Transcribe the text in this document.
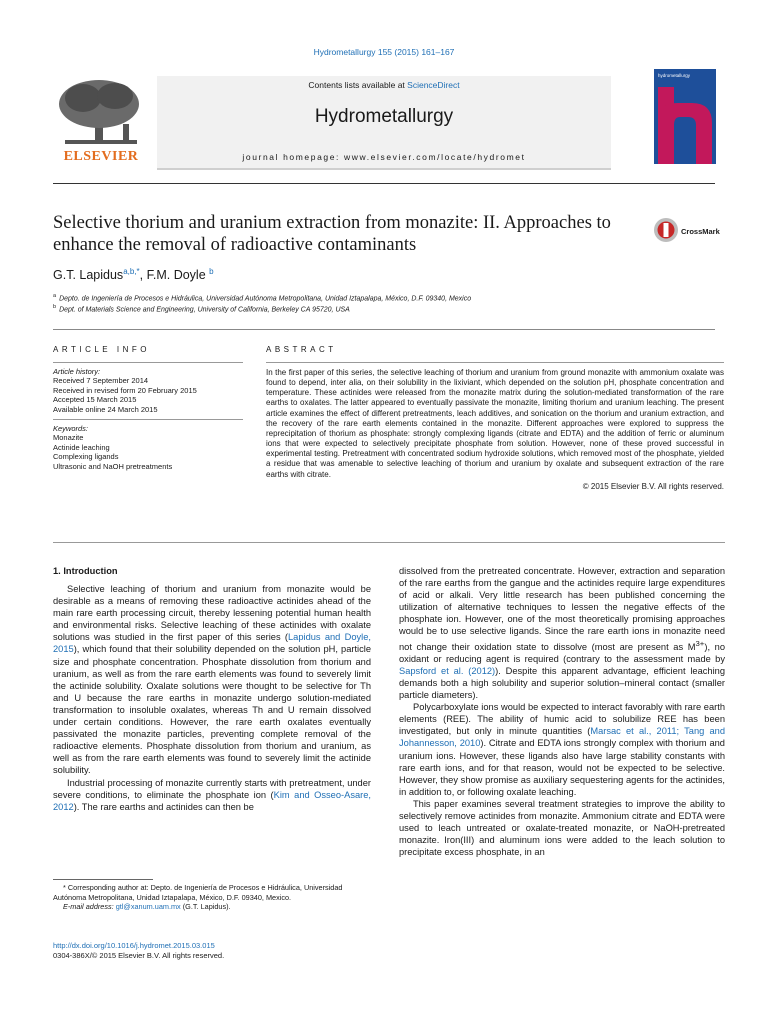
Hydrometallurgy 155 (2015) 161–167
ELSEVIER
Contents lists available at ScienceDirect
Hydrometallurgy
journal homepage: www.elsevier.com/locate/hydromet
hydrometallurgy
Selective thorium and uranium extraction from monazite: II. Approaches to enhance the removal of radioactive contaminants
CrossMark
G.T. Lapidus$^{a,b,*}$, F.M. Doyle $^b$
$^a$ Depto. de Ingeniería de Procesos e Hidráulica, Universidad Autónoma Metropolitana, Unidad Iztapalapa, México, D.F. 09340, Mexico
$^b$ Dept. of Materials Science and Engineering, University of California, Berkeley CA 95720, USA
ARTICLE INFO
Article history:
Received 7 September 2014
Received in revised form 20 February 2015
Accepted 15 March 2015
Available online 24 March 2015
Keywords:
Monazite
Actinide leaching
Complexing ligands
Ultrasonic and NaOH pretreatments
ABSTRACT
In the first paper of this series, the selective leaching of thorium and uranium from ground monazite with ammonium oxalate was found to depend, inter alia, on their solubility in the lixiviant, which depended on the solution pH, phosphate concentration and temperature. These actinides were released from the monazite matrix during the solution-mediated transformation of the rare earths to oxalates. The latter appeared to eventually passivate the monazite, limiting thorium and uranium leaching. The present article examines the effect of different pretreatments, leach additives, and sonication on the thorium and uranium extraction, and the recovery of the rare earth elements contained in the monazite. Different approaches were explored to suppress the reprecipitation of thorium as phosphate: strongly complexing ligands (citrate and EDTA) and the addition of ferric or aluminum ions that were expected to selectively precipitate phosphate from solution. However, none of these proved successful in experimental testing. Pretreatment with concentrated sodium hydroxide solutions, which removed most of the phosphate, yielded a residue that was amenable to selective leaching of thorium and uranium by oxalate and subsequent extraction of the rare earths with citrate.
© 2015 Elsevier B.V. All rights reserved.
1. Introduction

Selective leaching of thorium and uranium from monazite would be desirable as a means of removing these radioactive actinides ahead of the main rare earth processing circuit, thereby lessening potential human health and environmental risks. Selective leaching of these actinides with oxalate solutions was studied in the first paper of this series (Lapidus and Doyle, 2015), which found that their solubility depended on the solution pH, particle size and phosphate concentration. Phosphate dissolution from thorium and uranium, as well as from the rare earth elements was found to severely limit the actinide solubility. Oxalate solutions were thought to be selective for Th and U because the rare earths in monazite undergo solution-mediated transformation to insoluble oxalates, whereas Th and U remain dissolved under certain conditions. However, the rare earth oxalates eventually passivated the monazite particles, preventing complete removal of the radioactive elements. Phosphate dissolution from thorium and uranium, as well as from the rare earth elements was found to severely limit the actinide solubility.

Industrial processing of monazite currently starts with pretreatment, under severe conditions, to eliminate the phosphate ion (Kim and Osseo-Asare, 2012). The rare earths and actinides can then be

dissolved from the pretreated concentrate. However, extraction and separation of the rare earths from the gangue and the actinides require large expenditures of acid or alkali. Very little research has been published concerning the utilization of alternative techniques to lessen the negative effects of the phosphate ion. However, one of the most theoretically promising approaches would be to use selective ligands. Since the rare earth ions in monazite need not change their oxidation state to dissolve (most are present as $M^{3+}$), no oxidant or reducing agent is required (contrary to the assessment made by Sapsford et al. (2012)). Despite this apparent advantage, efficient leaching demands both a high solubility and superior solution–mineral contact (smaller particle diameters).

Polycarboxylate ions would be expected to interact favorably with rare earth elements (REE). The ability of humic acid to solubilize REE has been investigated, but only in minute quantities (Marsac et al., 2011; Tang and Johannesson, 2010). Citrate and EDTA ions strongly complex with thorium and uranium ions. However, these ligands also have large stability constants with rare earth ions, and for that reason, would not be expected to be selective. However, they show promise as auxiliary sequestering agents for the actinides, in addition to, or following oxalate leaching.

This paper examines several treatment strategies to improve the ability to selectively remove actinides from monazite. Ammonium citrate and EDTA were used to leach untreated or oxalate-treated monazite, or NaOH-pretreated monazite. Iron(III) and aluminum ions were added to the leach solution to precipitate excess phosphate, in an

* Corresponding author at: Depto. de Ingeniería de Procesos e Hidráulica, Universidad Autónoma Metropolitana, Unidad Iztapalapa, México, D.F. 09340, Mexico.
E-mail address: gtl@xanum.uam.mx (G.T. Lapidus).
http://dx.doi.org/10.1016/j.hydromet.2015.03.015
0304-386X/© 2015 Elsevier B.V. All rights reserved.
